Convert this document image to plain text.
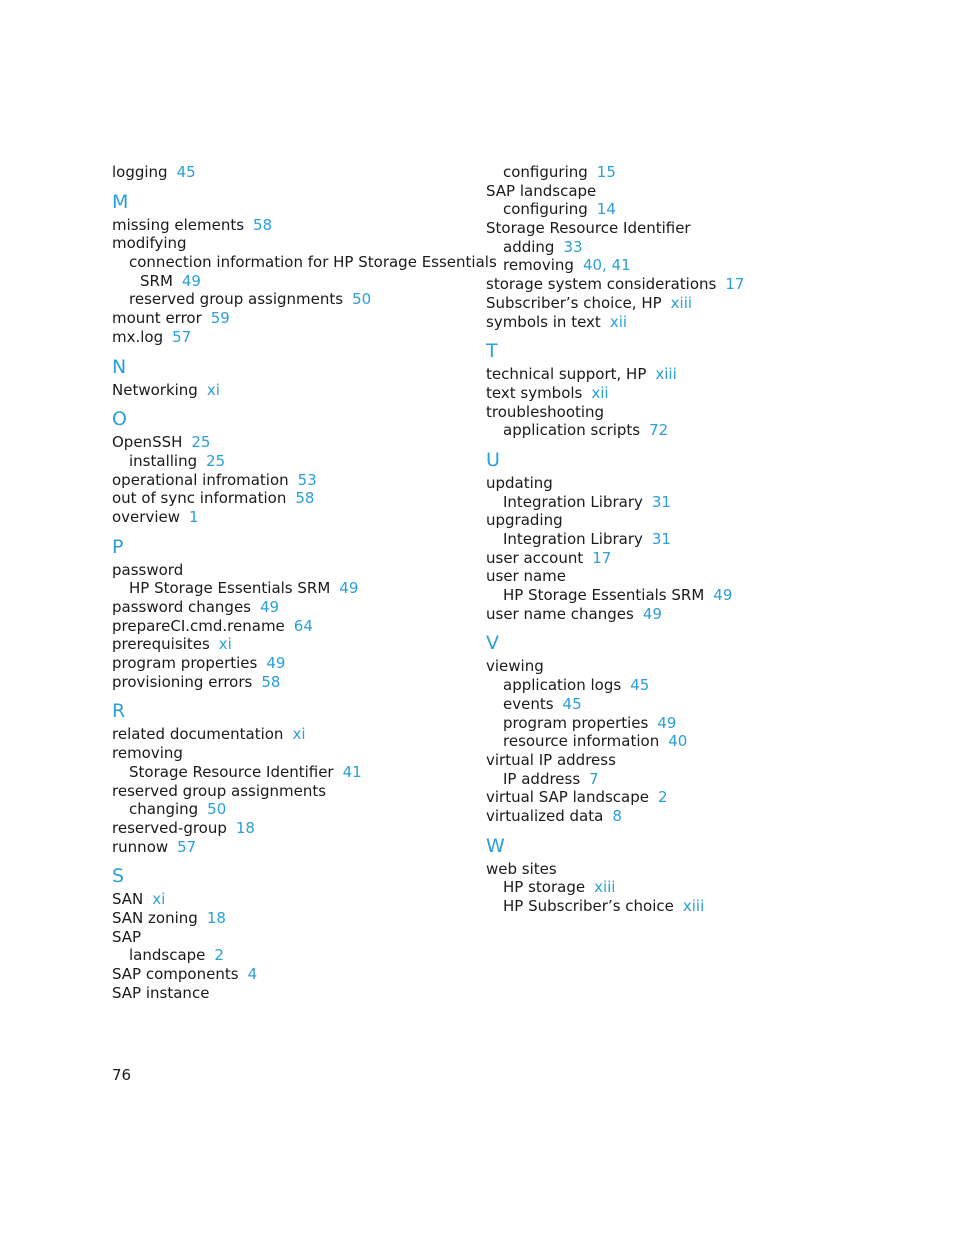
logging 45
M
missing elements 58
modifying
connection information for HP Storage Essentials
SRM 49
reserved group assignments 50
mount error 59
mx.log 57
N
Networking xi
O
OpenSSH 25
installing 25
operational infromation 53
out of sync information 58
overview 1
P
password
HP Storage Essentials SRM 49
password changes 49
prepareCI.cmd.rename 64
prerequisites xi
program properties 49
provisioning errors 58
R
related documentation xi
removing
Storage Resource Identifier 41
reserved group assignments
changing 50
reserved-group 18
runnow 57
S
SAN xi
SAN zoning 18
SAP
landscape 2
SAP components 4
SAP instance
configuring 15
SAP landscape
configuring 14
Storage Resource Identifier
adding 33
removing 40, 41
storage system considerations 17
Subscriber’s choice, HP xiii
symbols in text xii
T
technical support, HP xiii
text symbols xii
troubleshooting
application scripts 72
U
updating
Integration Library 31
upgrading
Integration Library 31
user account 17
user name
HP Storage Essentials SRM 49
user name changes 49
V
viewing
application logs 45
events 45
program properties 49
resource information 40
virtual IP address
IP address 7
virtual SAP landscape 2
virtualized data 8
W
web sites
HP storage xiii
HP Subscriber’s choice xiii
76
